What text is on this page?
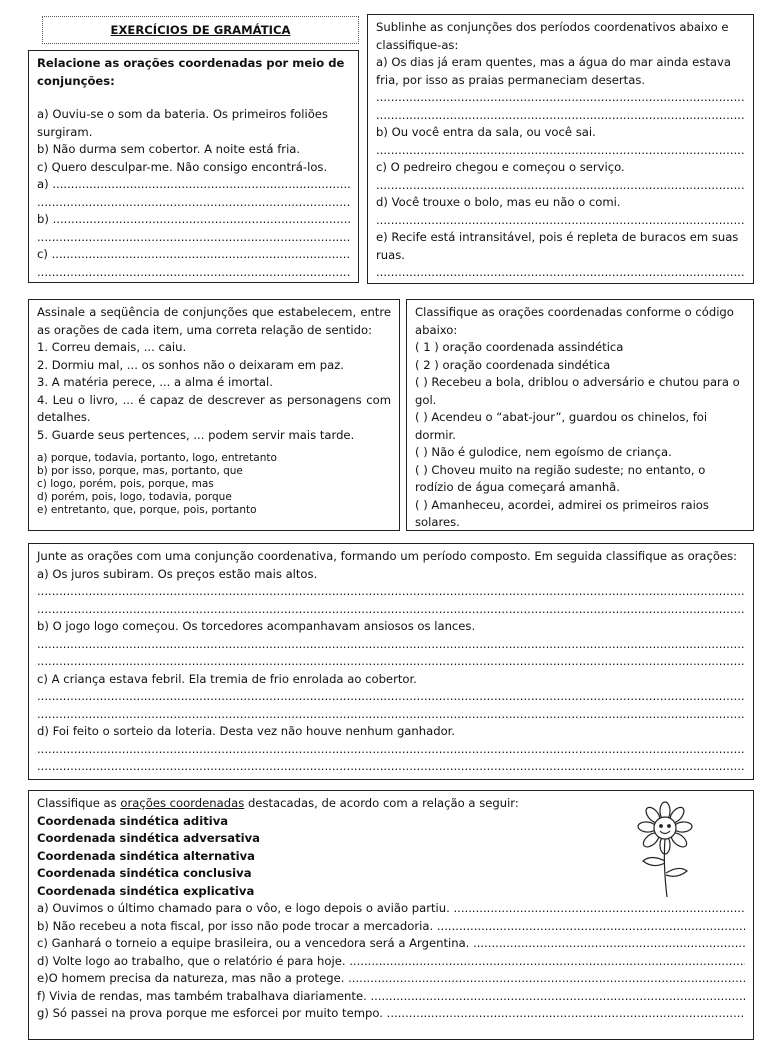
EXERCÍCIOS DE GRAMÁTICA

Relacione as orações coordenadas por meio de conjunções:

a) Ouviu-se o som da bateria. Os primeiros foliões surgiram.

b) Não durma sem cobertor. A noite está fria.

c) Quero desculpar-me. Não consigo encontrá-los.

a) .....
.....
b) .....
.....
c) .....
.....

Sublinhe as conjunções dos períodos coordenativos abaixo e classifique-as:

a) Os dias já eram quentes, mas a água do mar ainda estava fria, por isso as praias permaneciam desertas.

.....
.....

b) Ou você entra da sala, ou você sai.

.....

c) O pedreiro chegou e começou o serviço.

.....

d) Você trouxe o bolo, mas eu não o comi.

.....

e) Recife está intransitável, pois é repleta de buracos em suas ruas.

.....

Assinale a seqüência de conjunções que estabelecem, entre as orações de cada item, uma correta relação de sentido:

1. Correu demais, ... caiu.

2. Dormiu mal, ... os sonhos não o deixaram em paz.

3. A matéria perece, ... a alma é imortal.

4. Leu o livro, ... é capaz de descrever as personagens com detalhes.

5. Guarde seus pertences, ... podem servir mais tarde.

a) porque, todavia, portanto, logo, entretanto

b) por isso, porque, mas, portanto, que

c) logo, porém, pois, porque, mas

d) porém, pois, logo, todavia, porque

e) entretanto, que, porque, pois, portanto

Classifique as orações coordenadas conforme o código abaixo:

( 1 ) oração coordenada assindética

( 2 ) oração coordenada sindética

( ) Recebeu a bola, driblou o adversário e chutou para o gol.

( ) Acendeu o “abat-jour”, guardou os chinelos, foi dormir.

( ) Não é gulodice, nem egoísmo de criança.

( ) Choveu muito na região sudeste; no entanto, o rodízio de água começará amanhã.

( ) Amanheceu, acordei, admirei os primeiros raios solares.

Junte as orações com uma conjunção coordenativa, formando um período composto. Em seguida classifique as orações:

a) Os juros subiram. Os preços estão mais altos.

.....
.....

b) O jogo logo começou. Os torcedores acompanhavam ansiosos os lances.

.....
.....

c) A criança estava febril. Ela tremia de frio enrolada ao cobertor.

.....
.....

d) Foi feito o sorteio da loteria. Desta vez não houve nenhum ganhador.

.....
.....

Classifique as orações coordenadas destacadas, de acordo com a relação a seguir:

Coordenada sindética aditiva

Coordenada sindética adversativa

Coordenada sindética alternativa

Coordenada sindética conclusiva

Coordenada sindética explicativa

a) Ouvimos o último chamado para o vôo, e logo depois o avião partiu. .....
b) Não recebeu a nota fiscal, por isso não pode trocar a mercadoria. .....
c) Ganhará o torneio a equipe brasileira, ou a vencedora será a Argentina. .....
d) Volte logo ao trabalho, que o relatório é para hoje. .....
e)O homem precisa da natureza, mas não a protege. .....
f) Vivia de rendas, mas também trabalhava diariamente. .....
g) Só passei na prova porque me esforcei por muito tempo. .....
